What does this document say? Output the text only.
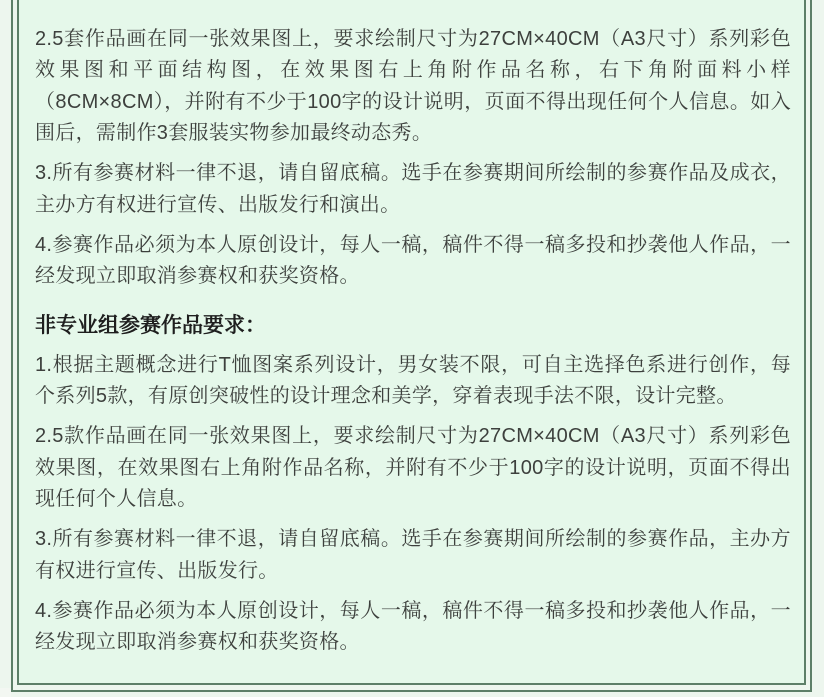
2.5套作品画在同一张效果图上，要求绘制尺寸为27CM×40CM（A3尺寸）系列彩色效果图和平面结构图，在效果图右上角附作品名称，右下角附面料小样（8CM×8CM），并附有不少于100字的设计说明，页面不得出现任何个人信息。如入围后，需制作3套服装实物参加最终动态秀。

3.所有参赛材料一律不退，请自留底稿。选手在参赛期间所绘制的参赛作品及成衣，主办方有权进行宣传、出版发行和演出。

4.参赛作品必须为本人原创设计，每人一稿，稿件不得一稿多投和抄袭他人作品，一经发现立即取消参赛权和获奖资格。

非专业组参赛作品要求：

1.根据主题概念进行T恤图案系列设计，男女装不限，可自主选择色系进行创作，每个系列5款，有原创突破性的设计理念和美学，穿着表现手法不限，设计完整。

2.5款作品画在同一张效果图上，要求绘制尺寸为27CM×40CM（A3尺寸）系列彩色效果图，在效果图右上角附作品名称，并附有不少于100字的设计说明，页面不得出现任何个人信息。

3.所有参赛材料一律不退，请自留底稿。选手在参赛期间所绘制的参赛作品，主办方有权进行宣传、出版发行。

4.参赛作品必须为本人原创设计，每人一稿，稿件不得一稿多投和抄袭他人作品，一经发现立即取消参赛权和获奖资格。
